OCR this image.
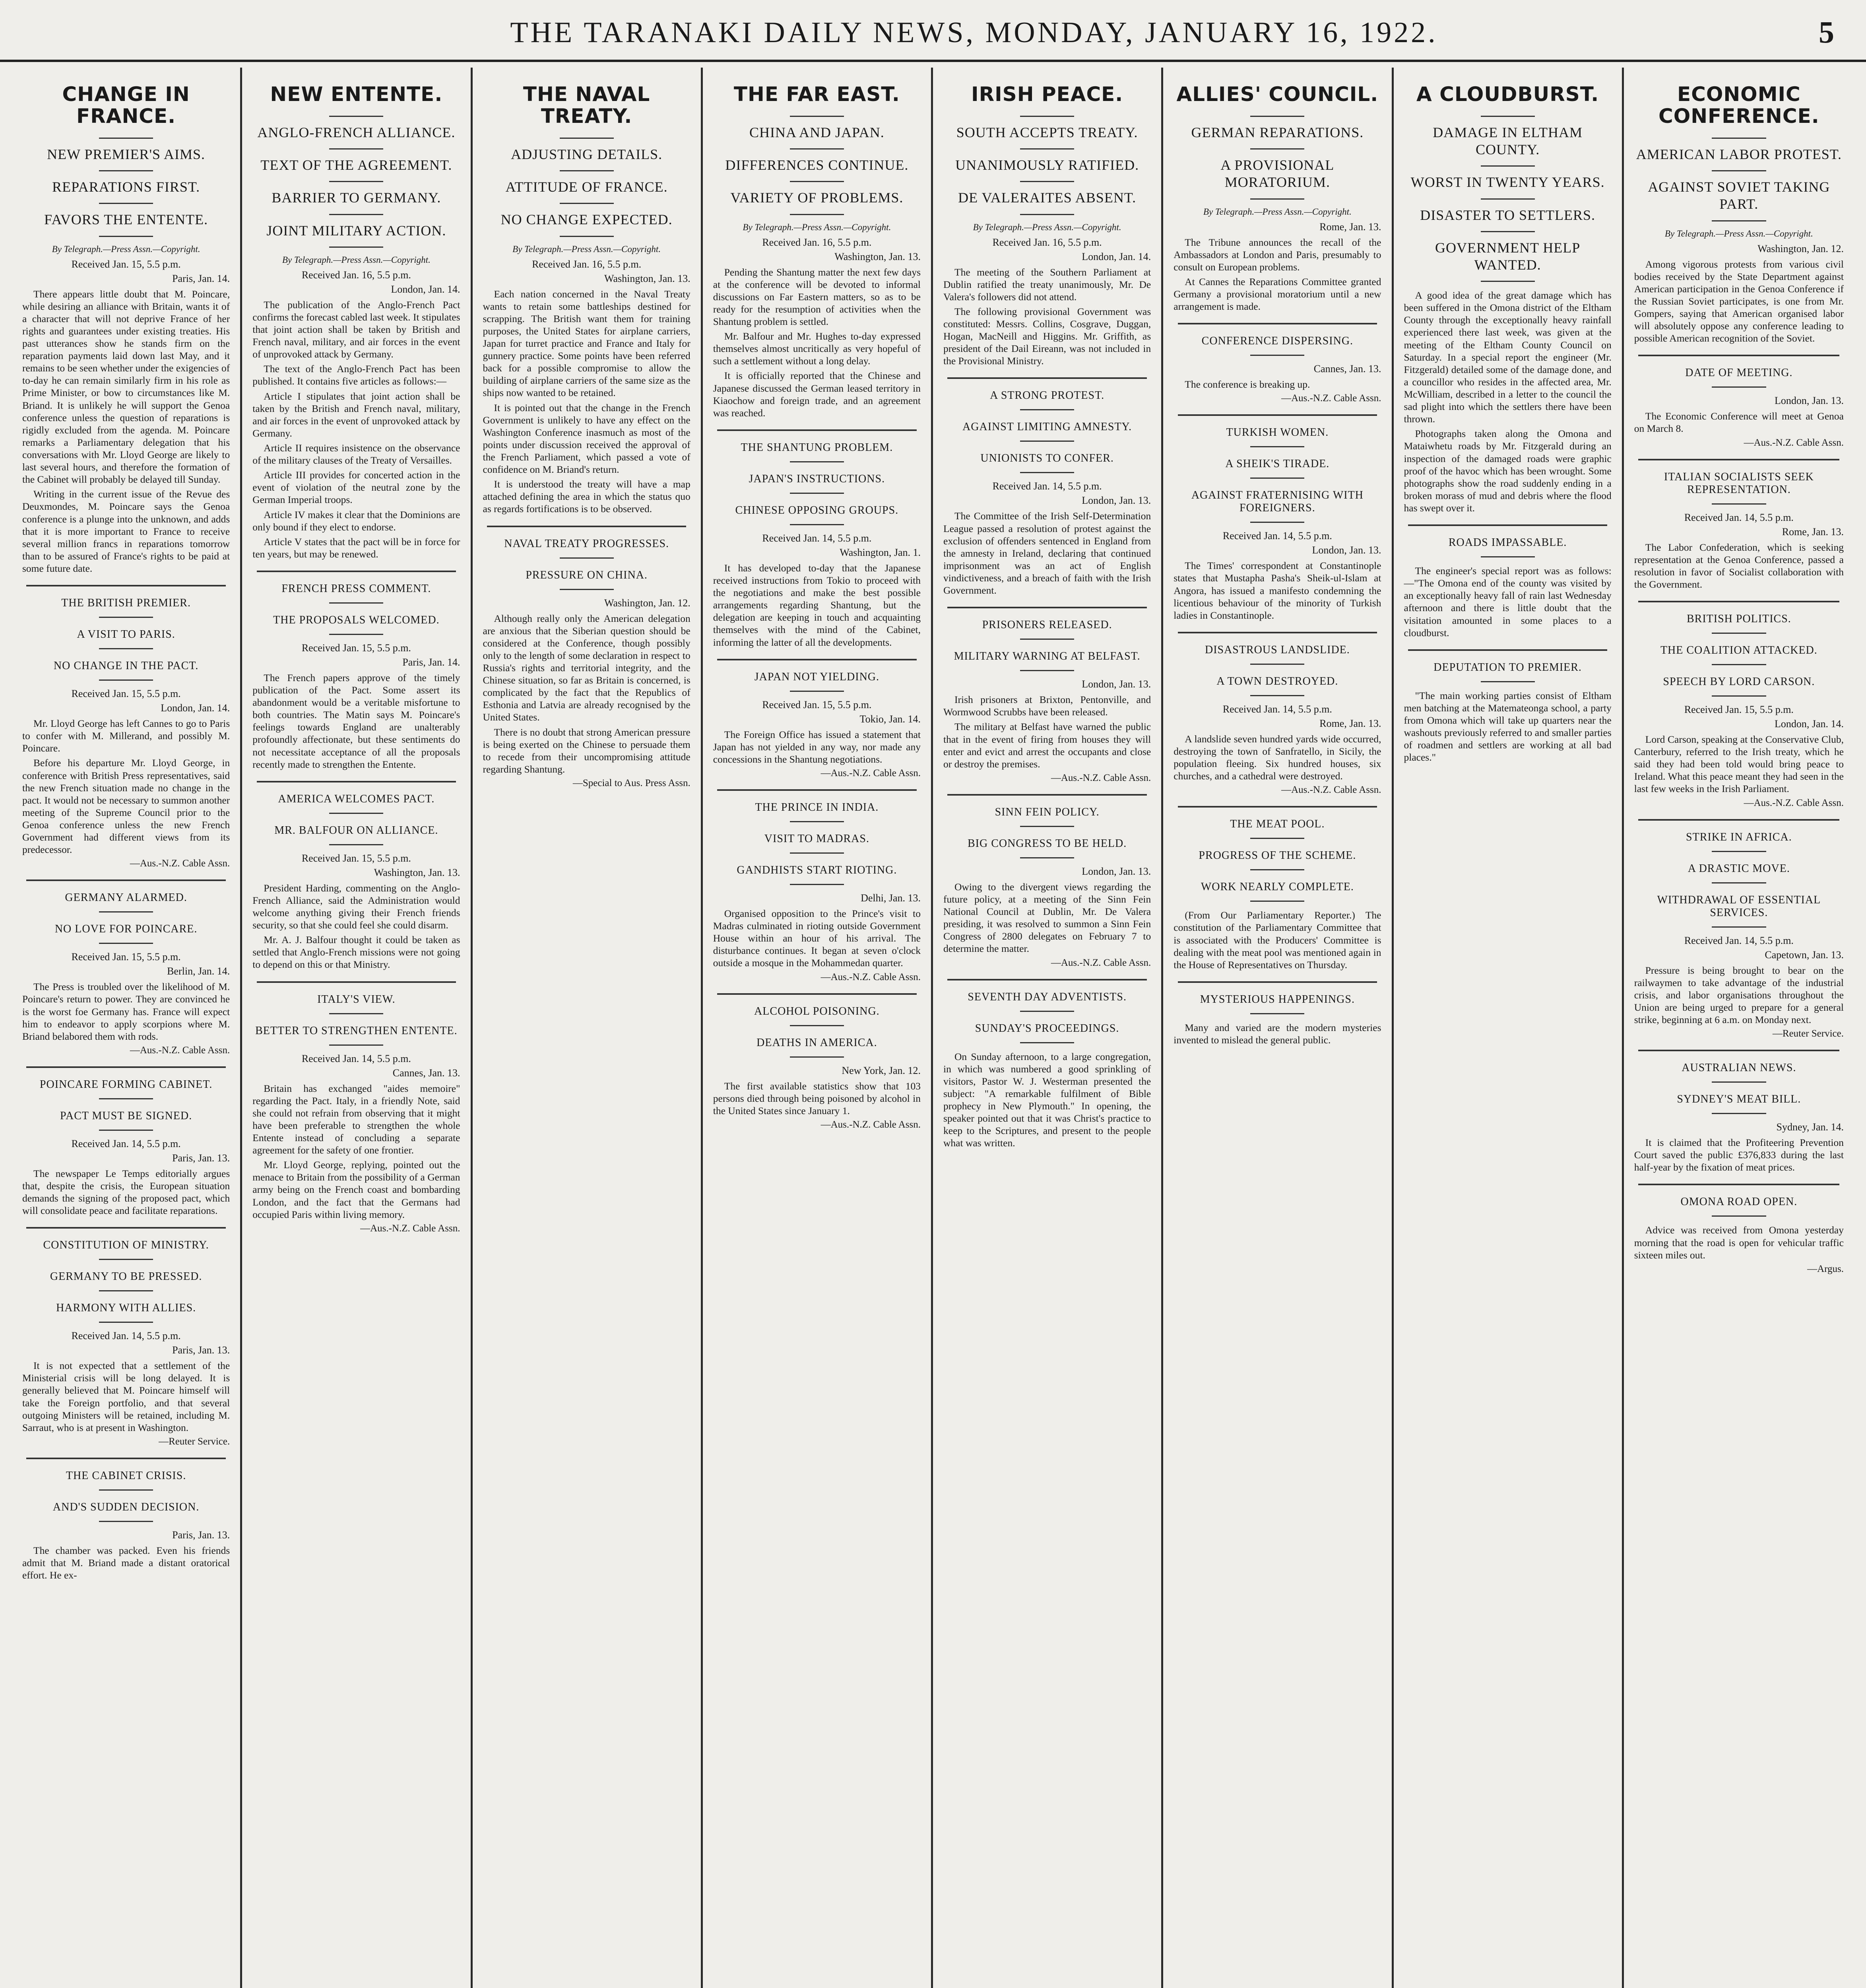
THE TARANAKI DAILY NEWS, MONDAY, JANUARY 16, 1922.	5
CHANGE IN FRANCE.
NEW PREMIER'S AIMS.
REPARATIONS FIRST.
FAVORS THE ENTENTE.
By Telegraph.—Press Assn.—Copyright.
Received Jan. 15, 5.5 p.m.
Paris, Jan. 14.

There appears little doubt that M. Poincare, while desiring an alliance with Britain, wants it of a character that will not deprive France of her rights and guarantees under existing treaties. His past utterances show he stands firm on the reparation payments laid down last May, and it remains to be seen whether under the exigencies of to-day he can remain similarly firm in his role as Prime Minister, or bow to circumstances like M. Briand. It is unlikely he will support the Genoa conference unless the question of reparations is rigidly excluded from the agenda. M. Poincare remarks a Parliamentary delegation that his conversations with Mr. Lloyd George are likely to last several hours, and therefore the formation of the Cabinet will probably be delayed till Sunday.

Writing in the current issue of the Revue des Deuxmondes, M. Poincare says the Genoa conference is a plunge into the unknown, and adds that it is more important to France to receive several million francs in reparations tomorrow than to be assured of France's rights to be paid at some future date.

THE BRITISH PREMIER.
A VISIT TO PARIS.
NO CHANGE IN THE PACT.
Received Jan. 15, 5.5 p.m.
London, Jan. 14.

Mr. Lloyd George has left Cannes to go to Paris to confer with M. Millerand, and possibly M. Poincare.

Before his departure Mr. Lloyd George, in conference with British Press representatives, said the new French situation made no change in the pact. It would not be necessary to summon another meeting of the Supreme Council prior to the Genoa conference unless the new French Government had different views from its predecessor.

—Aus.-N.Z. Cable Assn.
GERMANY ALARMED.
NO LOVE FOR POINCARE.
Received Jan. 15, 5.5 p.m.
Berlin, Jan. 14.

The Press is troubled over the likelihood of M. Poincare's return to power. They are convinced he is the worst foe Germany has. France will expect him to endeavor to apply scorpions where M. Briand belabored them with rods.

—Aus.-N.Z. Cable Assn.
POINCARE FORMING CABINET.
PACT MUST BE SIGNED.
Received Jan. 14, 5.5 p.m.
Paris, Jan. 13.

The newspaper Le Temps editorially argues that, despite the crisis, the European situation demands the signing of the proposed pact, which will consolidate peace and facilitate reparations.

CONSTITUTION OF MINISTRY.
GERMANY TO BE PRESSED.
HARMONY WITH ALLIES.
Received Jan. 14, 5.5 p.m.
Paris, Jan. 13.

It is not expected that a settlement of the Ministerial crisis will be long delayed. It is generally believed that M. Poincare himself will take the Foreign portfolio, and that several outgoing Ministers will be retained, including M. Sarraut, who is at present in Washington.

—Reuter Service.
THE CABINET CRISIS.
AND'S SUDDEN DECISION.
Paris, Jan. 13.

The chamber was packed. Even his friends admit that M. Briand made a distant oratorical effort. He ex-

NEW ENTENTE.
ANGLO-FRENCH ALLIANCE.
TEXT OF THE AGREEMENT.
BARRIER TO GERMANY.
JOINT MILITARY ACTION.
By Telegraph.—Press Assn.—Copyright.
Received Jan. 16, 5.5 p.m.
London, Jan. 14.

The publication of the Anglo-French Pact confirms the forecast cabled last week. It stipulates that joint action shall be taken by British and French naval, military, and air forces in the event of unprovoked attack by Germany.

The text of the Anglo-French Pact has been published. It contains five articles as follows:—

Article I stipulates that joint action shall be taken by the British and French naval, military, and air forces in the event of unprovoked attack by Germany.

Article II requires insistence on the observance of the military clauses of the Treaty of Versailles.

Article III provides for concerted action in the event of violation of the neutral zone by the German Imperial troops.

Article IV makes it clear that the Dominions are only bound if they elect to endorse.

Article V states that the pact will be in force for ten years, but may be renewed.

FRENCH PRESS COMMENT.
THE PROPOSALS WELCOMED.
Received Jan. 15, 5.5 p.m.
Paris, Jan. 14.

The French papers approve of the timely publication of the Pact. Some assert its abandonment would be a veritable misfortune to both countries. The Matin says M. Poincare's feelings towards England are unalterably profoundly affectionate, but these sentiments do not necessitate acceptance of all the proposals recently made to strengthen the Entente.

AMERICA WELCOMES PACT.
MR. BALFOUR ON ALLIANCE.
Received Jan. 15, 5.5 p.m.
Washington, Jan. 13.

President Harding, commenting on the Anglo-French Alliance, said the Administration would welcome anything giving their French friends security, so that she could feel she could disarm.

Mr. A. J. Balfour thought it could be taken as settled that Anglo-French missions were not going to depend on this or that Ministry.

ITALY'S VIEW.
BETTER TO STRENGTHEN ENTENTE.
Received Jan. 14, 5.5 p.m.
Cannes, Jan. 13.

Britain has exchanged "aides memoire" regarding the Pact. Italy, in a friendly Note, said she could not refrain from observing that it might have been preferable to strengthen the whole Entente instead of concluding a separate agreement for the safety of one frontier.

Mr. Lloyd George, replying, pointed out the menace to Britain from the possibility of a German army being on the French coast and bombarding London, and the fact that the Germans had occupied Paris within living memory.

—Aus.-N.Z. Cable Assn.
THE NAVAL TREATY.
ADJUSTING DETAILS.
ATTITUDE OF FRANCE.
NO CHANGE EXPECTED.
By Telegraph.—Press Assn.—Copyright.
Received Jan. 16, 5.5 p.m.
Washington, Jan. 13.

Each nation concerned in the Naval Treaty wants to retain some battleships destined for scrapping. The British want them for training purposes, the United States for airplane carriers, Japan for turret practice and France and Italy for gunnery practice. Some points have been referred back for a possible compromise to allow the building of airplane carriers of the same size as the ships now wanted to be retained.

It is pointed out that the change in the French Government is unlikely to have any effect on the Washington Conference inasmuch as most of the points under discussion received the approval of the French Parliament, which passed a vote of confidence on M. Briand's return.

It is understood the treaty will have a map attached defining the area in which the status quo as regards fortifications is to be observed.

NAVAL TREATY PROGRESSES.
PRESSURE ON CHINA.
Washington, Jan. 12.

Although really only the American delegation are anxious that the Siberian question should be considered at the Conference, though possibly only to the length of some declaration in respect to Russia's rights and territorial integrity, and the Chinese situation, so far as Britain is concerned, is complicated by the fact that the Republics of Esthonia and Latvia are already recognised by the United States.

There is no doubt that strong American pressure is being exerted on the Chinese to persuade them to recede from their uncompromising attitude regarding Shantung.

—Special to Aus. Press Assn.
THE FAR EAST.
CHINA AND JAPAN.
DIFFERENCES CONTINUE.
VARIETY OF PROBLEMS.
By Telegraph.—Press Assn.—Copyright.
Received Jan. 16, 5.5 p.m.
Washington, Jan. 13.

Pending the Shantung matter the next few days at the conference will be devoted to informal discussions on Far Eastern matters, so as to be ready for the resumption of activities when the Shantung problem is settled.

Mr. Balfour and Mr. Hughes to-day expressed themselves almost uncritically as very hopeful of such a settlement without a long delay.

It is officially reported that the Chinese and Japanese discussed the German leased territory in Kiaochow and foreign trade, and an agreement was reached.

THE SHANTUNG PROBLEM.
JAPAN'S INSTRUCTIONS.
CHINESE OPPOSING GROUPS.
Received Jan. 14, 5.5 p.m.
Washington, Jan. 1.

It has developed to-day that the Japanese received instructions from Tokio to proceed with the negotiations and make the best possible arrangements regarding Shantung, but the delegation are keeping in touch and acquainting themselves with the mind of the Cabinet, informing the latter of all the developments.

JAPAN NOT YIELDING.
Received Jan. 15, 5.5 p.m.
Tokio, Jan. 14.

The Foreign Office has issued a statement that Japan has not yielded in any way, nor made any concessions in the Shantung negotiations.

—Aus.-N.Z. Cable Assn.
THE PRINCE IN INDIA.
VISIT TO MADRAS.
GANDHISTS START RIOTING.
Delhi, Jan. 13.

Organised opposition to the Prince's visit to Madras culminated in rioting outside Government House within an hour of his arrival. The disturbance continues. It began at seven o'clock outside a mosque in the Mohammedan quarter.

—Aus.-N.Z. Cable Assn.
ALCOHOL POISONING.
DEATHS IN AMERICA.
New York, Jan. 12.

The first available statistics show that 103 persons died through being poisoned by alcohol in the United States since January 1.

—Aus.-N.Z. Cable Assn.
IRISH PEACE.
SOUTH ACCEPTS TREATY.
UNANIMOUSLY RATIFIED.
DE VALERAITES ABSENT.
By Telegraph.—Press Assn.—Copyright.
Received Jan. 16, 5.5 p.m.
London, Jan. 14.

The meeting of the Southern Parliament at Dublin ratified the treaty unanimously, Mr. De Valera's followers did not attend.

The following provisional Government was constituted: Messrs. Collins, Cosgrave, Duggan, Hogan, MacNeill and Higgins. Mr. Griffith, as president of the Dail Eireann, was not included in the Provisional Ministry.

A STRONG PROTEST.
AGAINST LIMITING AMNESTY.
UNIONISTS TO CONFER.
Received Jan. 14, 5.5 p.m.
London, Jan. 13.

The Committee of the Irish Self-Determination League passed a resolution of protest against the exclusion of offenders sentenced in England from the amnesty in Ireland, declaring that continued imprisonment was an act of English vindictiveness, and a breach of faith with the Irish Government.

PRISONERS RELEASED.
MILITARY WARNING AT BELFAST.
London, Jan. 13.

Irish prisoners at Brixton, Pentonville, and Wormwood Scrubbs have been released.

The military at Belfast have warned the public that in the event of firing from houses they will enter and evict and arrest the occupants and close or destroy the premises.

—Aus.-N.Z. Cable Assn.
SINN FEIN POLICY.
BIG CONGRESS TO BE HELD.
London, Jan. 13.

Owing to the divergent views regarding the future policy, at a meeting of the Sinn Fein National Council at Dublin, Mr. De Valera presiding, it was resolved to summon a Sinn Fein Congress of 2800 delegates on February 7 to determine the matter.

—Aus.-N.Z. Cable Assn.
SEVENTH DAY ADVENTISTS.
SUNDAY'S PROCEEDINGS.

On Sunday afternoon, to a large congregation, in which was numbered a good sprinkling of visitors, Pastor W. J. Westerman presented the subject: "A remarkable fulfilment of Bible prophecy in New Plymouth." In opening, the speaker pointed out that it was Christ's practice to keep to the Scriptures, and present to the people what was written.

ALLIES' COUNCIL.
GERMAN REPARATIONS.
A PROVISIONAL MORATORIUM.
By Telegraph.—Press Assn.—Copyright.
Rome, Jan. 13.

The Tribune announces the recall of the Ambassadors at London and Paris, presumably to consult on European problems.

At Cannes the Reparations Committee granted Germany a provisional moratorium until a new arrangement is made.

CONFERENCE DISPERSING.
Cannes, Jan. 13.

The conference is breaking up.

—Aus.-N.Z. Cable Assn.
TURKISH WOMEN.
A SHEIK'S TIRADE.
AGAINST FRATERNISING WITH FOREIGNERS.
Received Jan. 14, 5.5 p.m.
London, Jan. 13.

The Times' correspondent at Constantinople states that Mustapha Pasha's Sheik-ul-Islam at Angora, has issued a manifesto condemning the licentious behaviour of the minority of Turkish ladies in Constantinople.

DISASTROUS LANDSLIDE.
A TOWN DESTROYED.
Received Jan. 14, 5.5 p.m.
Rome, Jan. 13.

A landslide seven hundred yards wide occurred, destroying the town of Sanfratello, in Sicily, the population fleeing. Six hundred houses, six churches, and a cathedral were destroyed.

—Aus.-N.Z. Cable Assn.
THE MEAT POOL.
PROGRESS OF THE SCHEME.
WORK NEARLY COMPLETE.

(From Our Parliamentary Reporter.) The constitution of the Parliamentary Committee that is associated with the Producers' Committee is dealing with the meat pool was mentioned again in the House of Representatives on Thursday.

MYSTERIOUS HAPPENINGS.

Many and varied are the modern mysteries invented to mislead the general public.

A CLOUDBURST.
DAMAGE IN ELTHAM COUNTY.
WORST IN TWENTY YEARS.
DISASTER TO SETTLERS.
GOVERNMENT HELP WANTED.

A good idea of the great damage which has been suffered in the Omona district of the Eltham County through the exceptionally heavy rainfall experienced there last week, was given at the meeting of the Eltham County Council on Saturday. In a special report the engineer (Mr. Fitzgerald) detailed some of the damage done, and a councillor who resides in the affected area, Mr. McWilliam, described in a letter to the council the sad plight into which the settlers there have been thrown.

Photographs taken along the Omona and Mataiwhetu roads by Mr. Fitzgerald during an inspection of the damaged roads were graphic proof of the havoc which has been wrought. Some photographs show the road suddenly ending in a broken morass of mud and debris where the flood has swept over it.

ROADS IMPASSABLE.

The engineer's special report was as follows:—"The Omona end of the county was visited by an exceptionally heavy fall of rain last Wednesday afternoon and there is little doubt that the visitation amounted in some places to a cloudburst.

DEPUTATION TO PREMIER.

"The main working parties consist of Eltham men batching at the Matemateonga school, a party from Omona which will take up quarters near the washouts previously referred to and smaller parties of roadmen and settlers are working at all bad places."

ECONOMIC CONFERENCE.
AMERICAN LABOR PROTEST.
AGAINST SOVIET TAKING PART.
By Telegraph.—Press Assn.—Copyright.
Washington, Jan. 12.

Among vigorous protests from various civil bodies received by the State Department against American participation in the Genoa Conference if the Russian Soviet participates, is one from Mr. Gompers, saying that American organised labor will absolutely oppose any conference leading to possible American recognition of the Soviet.

DATE OF MEETING.
London, Jan. 13.

The Economic Conference will meet at Genoa on March 8.

—Aus.-N.Z. Cable Assn.
ITALIAN SOCIALISTS SEEK REPRESENTATION.
Received Jan. 14, 5.5 p.m.
Rome, Jan. 13.

The Labor Confederation, which is seeking representation at the Genoa Conference, passed a resolution in favor of Socialist collaboration with the Government.

BRITISH POLITICS.
THE COALITION ATTACKED.
SPEECH BY LORD CARSON.
Received Jan. 15, 5.5 p.m.
London, Jan. 14.

Lord Carson, speaking at the Conservative Club, Canterbury, referred to the Irish treaty, which he said they had been told would bring peace to Ireland. What this peace meant they had seen in the last few weeks in the Irish Parliament.

—Aus.-N.Z. Cable Assn.
STRIKE IN AFRICA.
A DRASTIC MOVE.
WITHDRAWAL OF ESSENTIAL SERVICES.
Received Jan. 14, 5.5 p.m.
Capetown, Jan. 13.

Pressure is being brought to bear on the railwaymen to take advantage of the industrial crisis, and labor organisations throughout the Union are being urged to prepare for a general strike, beginning at 6 a.m. on Monday next.

—Reuter Service.
AUSTRALIAN NEWS.
SYDNEY'S MEAT BILL.
Sydney, Jan. 14.

It is claimed that the Profiteering Prevention Court saved the public £376,833 during the last half-year by the fixation of meat prices.

OMONA ROAD OPEN.

Advice was received from Omona yesterday morning that the road is open for vehicular traffic sixteen miles out.

—Argus.
